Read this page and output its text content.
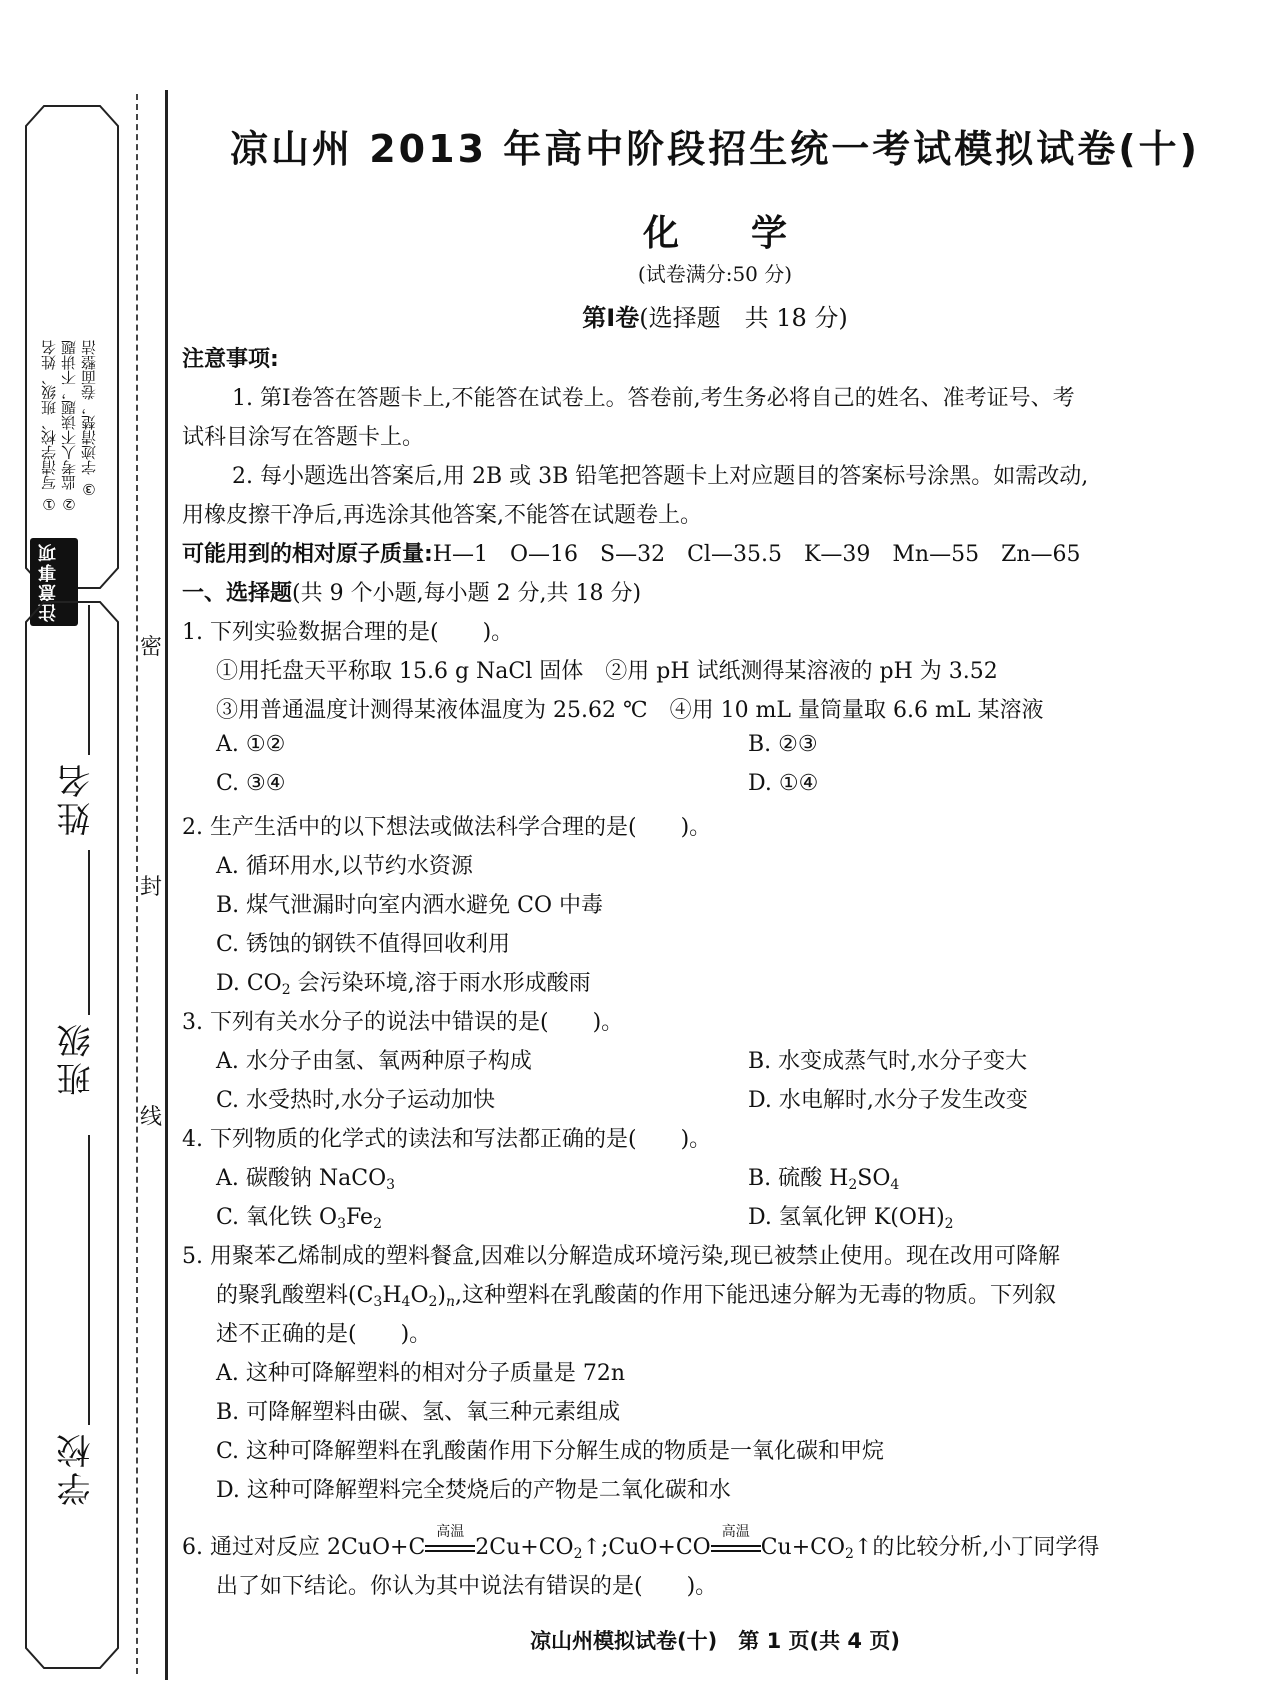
① 写清学校、班级、姓名 ② 监考人不读题，不讲题 ③ 字迹清楚，卷面整洁
注意事项
学校
班级
姓名
密
封
线
凉山州 2013 年高中阶段招生统一考试模拟试卷(十)
化　　学
(试卷满分:50 分)
第Ⅰ卷(选择题　共 18 分)
注意事项:
1. 第Ⅰ卷答在答题卡上,不能答在试卷上。答卷前,考生务必将自己的姓名、准考证号、考
试科目涂写在答题卡上。
2. 每小题选出答案后,用 2B 或 3B 铅笔把答题卡上对应题目的答案标号涂黑。如需改动,
用橡皮擦干净后,再选涂其他答案,不能答在试题卷上。
可能用到的相对原子质量:H—1　O—16　S—32　Cl—35.5　K—39　Mn—55　Zn—65
一、选择题(共 9 个小题,每小题 2 分,共 18 分)
1. 下列实验数据合理的是(　　)。
①用托盘天平称取 15.6 g NaCl 固体　②用 pH 试纸测得某溶液的 pH 为 3.52
③用普通温度计测得某液体温度为 25.62 ℃　④用 10 mL 量筒量取 6.6 mL 某溶液
A. ①②	B. ②③
C. ③④	D. ①④
2. 生产生活中的以下想法或做法科学合理的是(　　)。
A. 循环用水,以节约水资源
B. 煤气泄漏时向室内洒水避免 CO 中毒
C. 锈蚀的钢铁不值得回收利用
D. $CO_2$ 会污染环境,溶于雨水形成酸雨
3. 下列有关水分子的说法中错误的是(　　)。
A. 水分子由氢、氧两种原子构成	B. 水变成蒸气时,水分子变大
C. 水受热时,水分子运动加快	D. 水电解时,水分子发生改变
4. 下列物质的化学式的读法和写法都正确的是(　　)。
A. 碳酸钠 NaCO$_3$	B. 硫酸 $H_2SO_4$
C. 氧化铁 $O_3Fe_2$	D. 氢氧化钾 $K(OH)_2$
5. 用聚苯乙烯制成的塑料餐盒,因难以分解造成环境污染,现已被禁止使用。现在改用可降解
的聚乳酸塑料$(C_3H_4O_2)_n$,这种塑料在乳酸菌的作用下能迅速分解为无毒的物质。下列叙
述不正确的是(　　)。
A. 这种可降解塑料的相对分子质量是 72n
B. 可降解塑料由碳、氢、氧三种元素组成
C. 这种可降解塑料在乳酸菌作用下分解生成的物质是一氧化碳和甲烷
D. 这种可降解塑料完全焚烧后的产物是二氧化碳和水
6. 通过对反应 2CuO+C
高温
$2Cu+CO_2↑;CuO+CO$
高温
$Cu+CO_2↑$的比较分析,小丁同学得
出了如下结论。你认为其中说法有错误的是(　　)。
凉山州模拟试卷(十)　第 1 页(共 4 页)
